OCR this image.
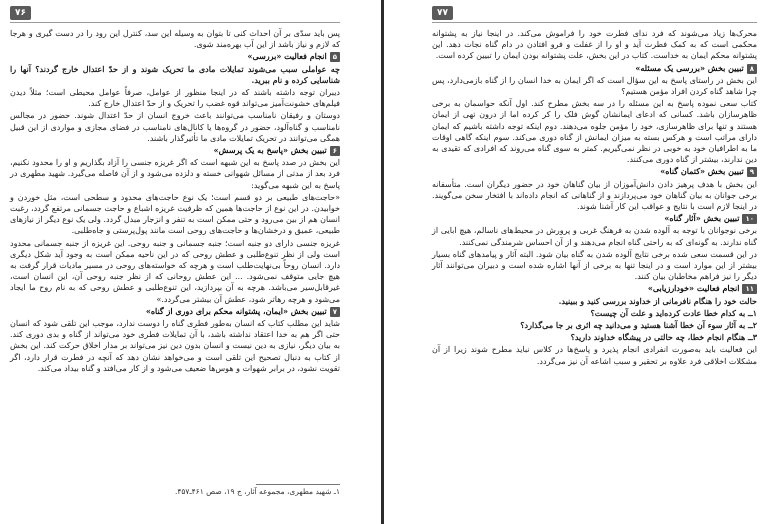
۷۶

پس باید سدّی بر آن احداث کنی تا بتوان به وسیله این سد، کنترل این رود را در دست گیری و هرجا که لازم و نیاز باشد از این آب بهره‌مند شوی.

۵انجام فعالیت «بررسی»

چه عواملی سبب می‌شوند تمایلات مادی ما تحریک شوند و از حدّ اعتدال خارج گردند؟ آنها را شناسایی کرده و نام ببرید.

دیبران توجه داشته باشند که در اینجا منظور از عوامل، صرفاً عوامل محیطی است؛ مثلاً دیدن فیلم‌های خشونت‌آمیز می‌تواند قوه غضب را تحریک و از حدّ اعتدال خارج کند.

دوستان و رفیقان نامناسب می‌توانند باعث خروج انسان از حدّ اعتدال شوند. حضور در مجالس نامناسب و گناه‌آلود، حضور در گروه‌ها یا کانال‌های نامناسب در فضای مجازی و مواردی از این قبیل همگی می‌توانند در تحریک تمایلات مادی ما تأثیرگذار باشند.

۶تبیین بخش «پاسخ به یک پرسش»

این بخش در صدد پاسخ به این شبهه است که اگر غریزه جنسی را آزاد بگذاریم و او را محدود نکنیم، فرد بعد از مدتی از مسائل شهوانی خسته و دلزده می‌شود و از آن فاصله می‌گیرد. شهید مطهری در پاسخ به این شبهه می‌گوید:

«حاجت‌های طبیعی بر دو قسم است؛ یک نوع حاجت‌های محدود و سطحی است، مثل خوردن و خوابیدن. در این نوع از حاجت‌ها همین که ظرفیت غریزه اشباع و حاجت جسمانی مرتفع گردد، رغبت انسان هم از بین می‌رود و حتی ممکن است به تنفر و انزجار مبدل گردد. ولی یک نوع دیگر از نیازهای طبیعی، عمیق و درخشان‌ها و حاجت‌های روحی است مانند پول‌پرستی و جاه‌طلبی.

غریزه جنسی دارای دو جنبه است؛ جنبه جسمانی و جنبه روحی. این غریزه از جنبه جسمانی محدود است ولی از نظر تنوع‌طلبی و عطش روحی که در این ناحیه ممکن است به وجود آید شکل دیگری دارد. انسان روحاً بی‌نهایت‌طلب است و هرچه که خواسته‌های روحی در مسیر مادیات قرار گرفت به هیچ جایی متوقف نمی‌شود. ... این عطش روحانی که از نظر جنبه روحی آن، این انسان است، غیرقابل‌سیر می‌باشد. هرچه به آن بپردازید، این تنوع‌طلبی و عطش روحی که به نام روح ما ایجاد می‌شود و هرچه رهاتر شود، عطش آن بیشتر می‌گردد.»

۷تبیین بخش «ایمان، پشتوانه محکم برای دوری از گناه»

شاید این مطلب کتاب که انسان به‌طور فطری گناه را دوست ندارد، موجب این تلقی شود که انسان حتی اگر هم به خدا اعتقاد نداشته باشد، با آن تمایلات فطری خود می‌تواند از گناه و بدی دوری کند. به بیان دیگر، نیازی به دین نیست و انسان بدون دین نیز می‌تواند بر مدار اخلاق حرکت کند. این بخش از کتاب به دنبال تصحیح این تلقی است و می‌خواهد نشان دهد که آنچه در فطرت قرار دارد، اگر تقویت نشود، در برابر شهوات و هوس‌ها ضعیف می‌شود و از کار می‌افتد و گناه بیداد می‌کند.

۱ـ شهید مطهری، مجموعه آثار، ج ۱۹، صص ۴۶۱ـ۴۵۷.
۷۷

محرک‌ها زیاد می‌شوند که فرد ندای فطرت خود را فراموش می‌کند. در اینجا نیاز به پشتوانه محکمی است که به کمک فطرت آید و او را از غفلت و فرو افتادن در دام گناه نجات دهد. این پشتوانه محکم ایمان به خداست. کتاب در این بخش، علت پشتوانه بودن ایمان را تبیین کرده است.

۸تبیین بخش «بررسی یک مسئله»

این بخش در راستای پاسخ به این سؤال است که اگر ایمان به خدا انسان را از گناه بازمی‌دارد، پس چرا شاهد گناه کردن افراد مؤمن هستیم؟

کتاب سعی نموده پاسخ به این مسئله را در سه بخش مطرح کند. اول آنکه حواسمان به برخی ظاهرسازان باشد. کسانی که ادعای ایمانشان گوش فلک را کر کرده اما از درون تهی از ایمان هستند و تنها برای ظاهرسازی، خود را مؤمن جلوه می‌دهند. دوم اینکه توجه داشته باشیم که ایمان دارای مراتب است و هرکس بسته به میزان ایمانش از گناه دوری می‌کند. سوم اینکه گاهی اوقات ما به اطرافیان خود به خوبی در نظر نمی‌گیریم. کمتر به سوی گناه می‌روند که افرادی که تقیدی به دین ندارند، بیشتر از گناه دوری می‌کنند.

۹تبیین بخش «کتمان گناه»

این بخش با هدف پرهیز دادن دانش‌آموزان از بیان گناهان خود در حضور دیگران است. متأسفانه برخی جوانان به بیان گناهان خود می‌پردازند و از گناهانی که انجام داده‌اند با افتخار سخن می‌گویند. در اینجا لازم است با نتایج و عواقب این کار آشنا شوند.

۱۰تبیین بخش «آثار گناه»

برخی نوجوانان با توجه به آلوده شدن به فرهنگ غربی و پرورش در محیط‌های ناسالم، هیچ ابایی از گناه ندارند. به گونه‌ای که به راحتی گناه انجام می‌دهند و از آن احساس شرمندگی نمی‌کنند.

در این قسمت سعی شده برخی نتایج آلوده شدن به گناه بیان شود. البته آثار و پیامدهای گناه بسیار بیشتر از این موارد است و در اینجا تنها به برخی از آنها اشاره شده است و دبیران می‌توانند آثار دیگر را نیز فراهم مخاطبان بیان کنند.

۱۱انجام فعالیت «خودارزیابی»

حالت خود را هنگام نافرمانی از خداوند بررسی کنید و ببینید.

۱ــ به کدام خطا عادت کرده‌اید و علت آن چیست؟

۲ــ به آثار سوء آن خطا آشنا هستید و می‌دانید چه اثری بر جا می‌گذارد؟

۳ــ هنگام انجام خطا، چه حالتی در پیشگاه خداوند دارید؟

این فعالیت باید به‌صورت انفرادی انجام پذیرد و پاسخ‌ها در کلاس نباید مطرح شوند زیرا از آن مشکلات اخلاقی فرد علاوه بر تحقیر و سبب اشاعه آن نیز می‌گردد.
